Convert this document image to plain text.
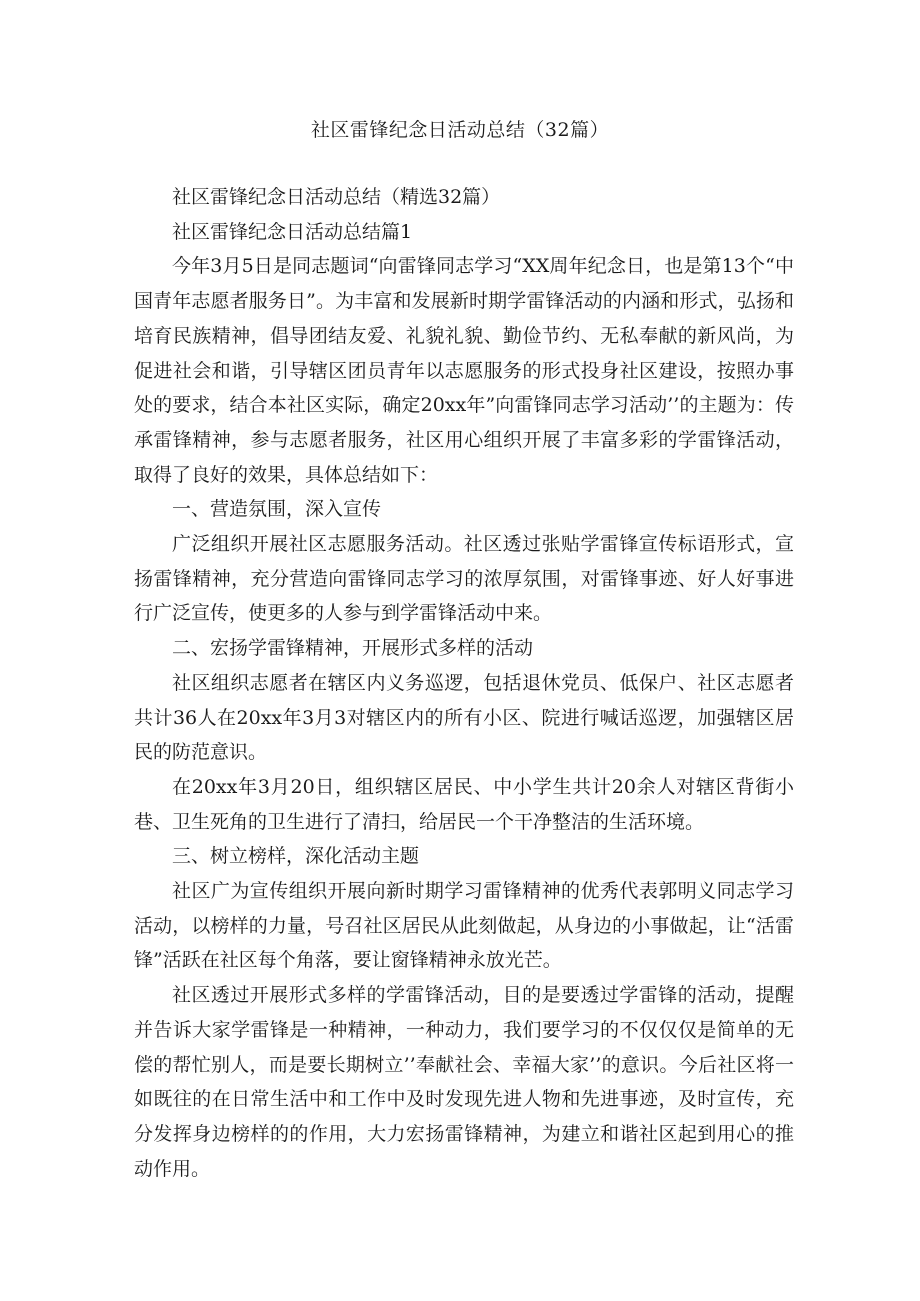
社区雷锋纪念日活动总结（32篇）

社区雷锋纪念日活动总结（精选32篇）

社区雷锋纪念日活动总结篇1

今年3月5日是同志题词“向雷锋同志学习“XX周年纪念日，也是第13个“中国青年志愿者服务日”。为丰富和发展新时期学雷锋活动的内涵和形式，弘扬和培育民族精神，倡导团结友爱、礼貌礼貌、勤俭节约、无私奉献的新风尚，为促进社会和谐，引导辖区团员青年以志愿服务的形式投身社区建设，按照办事处的要求，结合本社区实际，确定20xx年”向雷锋同志学习活动’’的主题为：传承雷锋精神，参与志愿者服务，社区用心组织开展了丰富多彩的学雷锋活动，取得了良好的效果，具体总结如下：

一、营造氛围，深入宣传

广泛组织开展社区志愿服务活动。社区透过张贴学雷锋宣传标语形式，宣扬雷锋精神，充分营造向雷锋同志学习的浓厚氛围，对雷锋事迹、好人好事进行广泛宣传，使更多的人参与到学雷锋活动中来。

二、宏扬学雷锋精神，开展形式多样的活动

社区组织志愿者在辖区内义务巡逻，包括退休党员、低保户、社区志愿者共计36人在20xx年3月3对辖区内的所有小区、院进行喊话巡逻，加强辖区居民的防范意识。

在20xx年3月20日，组织辖区居民、中小学生共计20余人对辖区背街小巷、卫生死角的卫生进行了清扫，给居民一个干净整洁的生活环境。

三、树立榜样，深化活动主题

社区广为宣传组织开展向新时期学习雷锋精神的优秀代表郭明义同志学习活动，以榜样的力量，号召社区居民从此刻做起，从身边的小事做起，让“活雷锋”活跃在社区每个角落，要让窗锋精神永放光芒。

社区透过开展形式多样的学雷锋活动，目的是要透过学雷锋的活动，提醒并告诉大家学雷锋是一种精神，一种动力，我们要学习的不仅仅仅是简单的无偿的帮忙别人，而是要长期树立’’奉献社会、幸福大家’’的意识。今后社区将一如既往的在日常生活中和工作中及时发现先进人物和先进事迹，及时宣传，充分发挥身边榜样的的作用，大力宏扬雷锋精神，为建立和谐社区起到用心的推动作用。
